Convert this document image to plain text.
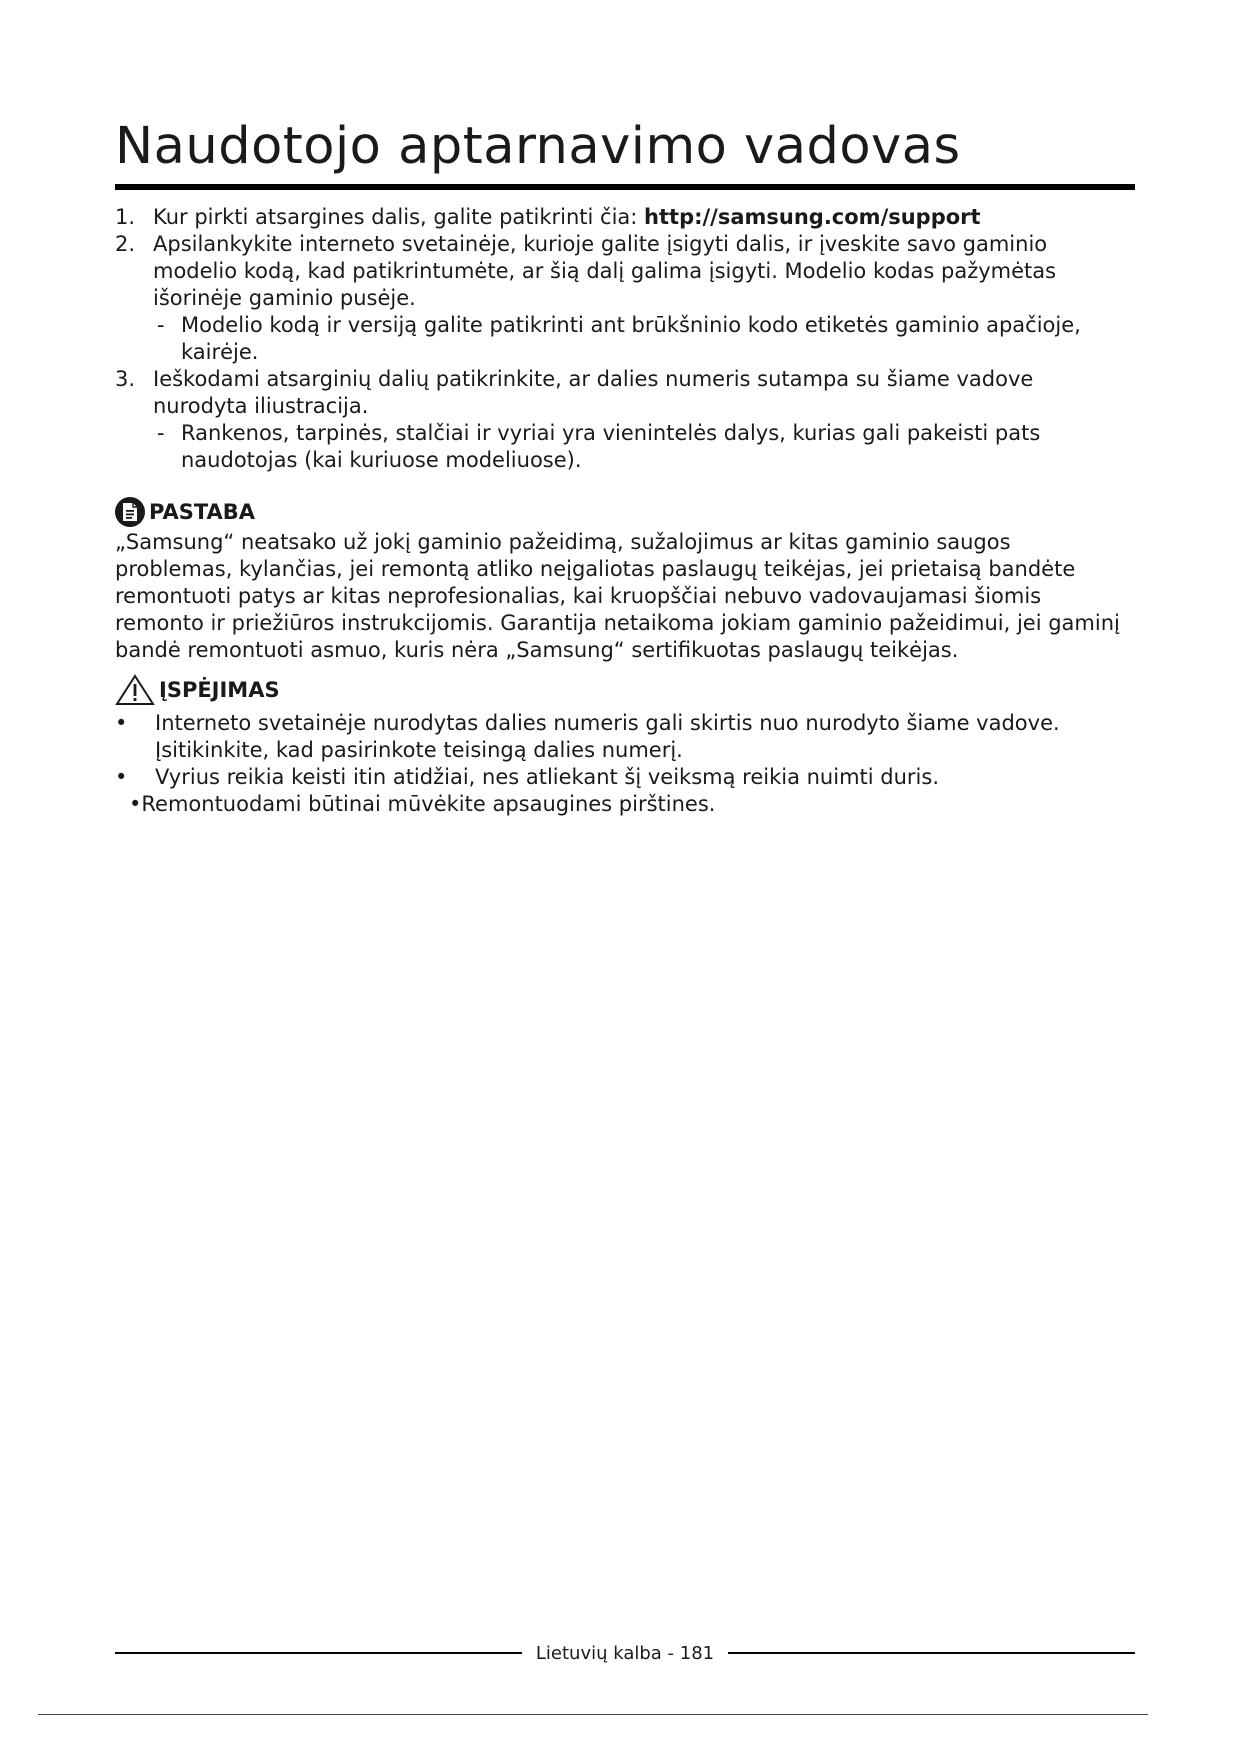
Naudotojo aptarnavimo vadovas
1. Kur pirkti atsargines dalis, galite patikrinti čia: http://samsung.com/support
2. Apsilankykite interneto svetainėje, kurioje galite įsigyti dalis, ir įveskite savo gaminio modelio kodą, kad patikrintumėte, ar šią dalį galima įsigyti. Modelio kodas pažymėtas išorinėje gaminio pusėje.
- Modelio kodą ir versiją galite patikrinti ant brūkšninio kodo etiketės gaminio apačioje, kairėje.
3. Ieškodami atsarginių dalių patikrinkite, ar dalies numeris sutampa su šiame vadove nurodyta iliustracija.
- Rankenos, tarpinės, stalčiai ir vyriai yra vienintelės dalys, kurias gali pakeisti pats naudotojas (kai kuriuose modeliuose).
PASTABA

„Samsung“ neatsako už jokį gaminio pažeidimą, sužalojimus ar kitas gaminio saugos problemas, kylančias, jei remontą atliko neįgaliotas paslaugų teikėjas, jei prietaisą bandėte remontuoti patys ar kitas neprofesionalias, kai kruopščiai nebuvo vadovaujamasi šiomis remonto ir priežiūros instrukcijomis. Garantija netaikoma jokiam gaminio pažeidimui, jei gaminį bandė remontuoti asmuo, kuris nėra „Samsung“ sertifikuotas paslaugų teikėjas.

ĮSPĖJIMAS
• Interneto svetainėje nurodytas dalies numeris gali skirtis nuo nurodyto šiame vadove. Įsitikinkite, kad pasirinkote teisingą dalies numerį.
• Vyrius reikia keisti itin atidžiai, nes atliekant šį veiksmą reikia nuimti duris.

•Remontuodami būtinai mūvėkite apsaugines pirštines.

Lietuvių kalba - 181
